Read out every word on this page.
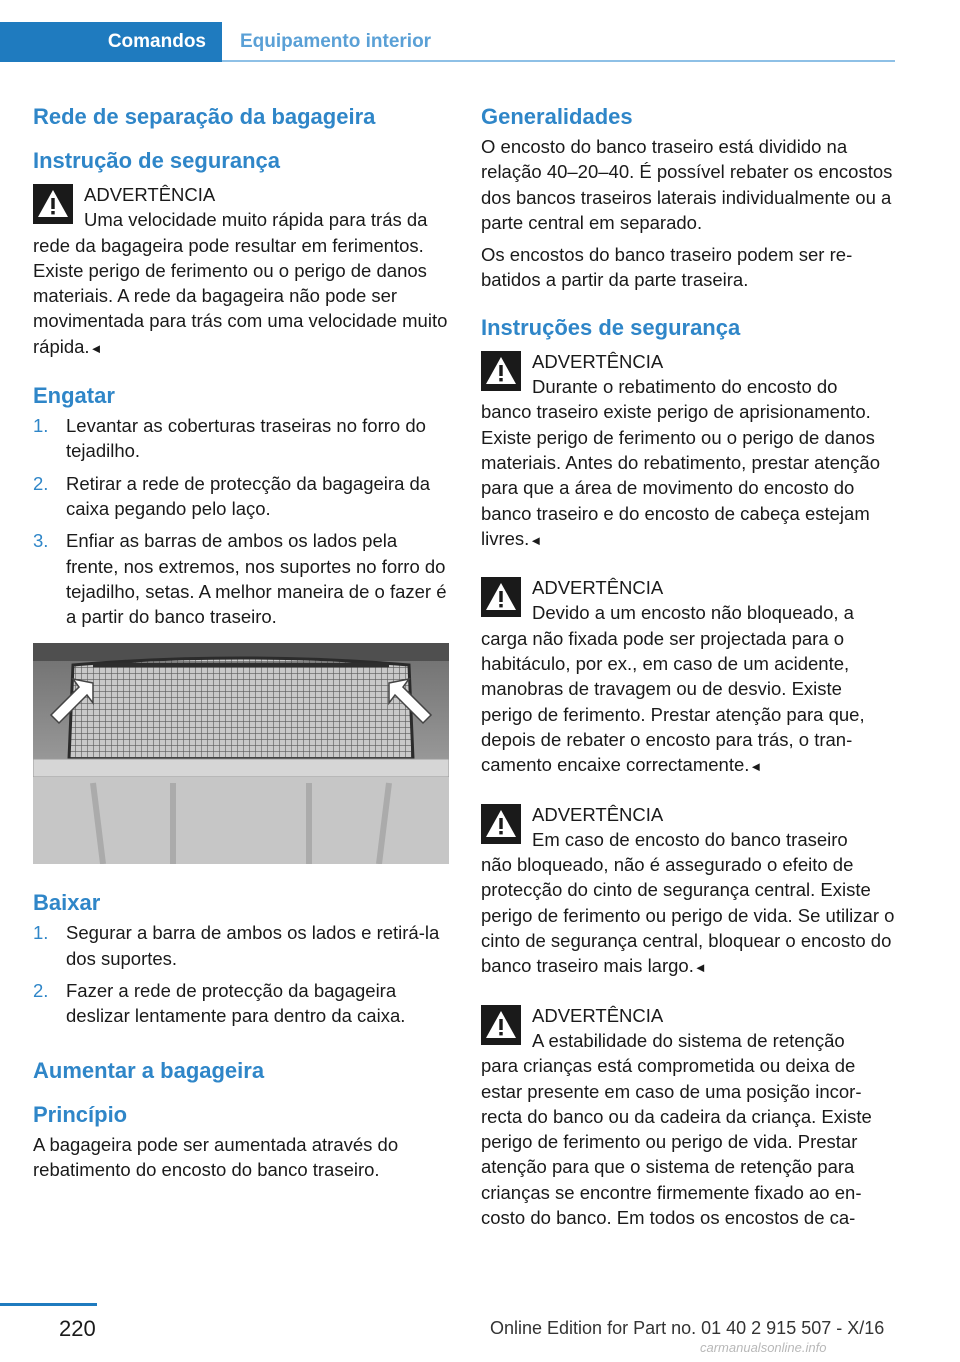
Comandos	Equipamento interior
Rede de separação da bagageira
Instrução de segurança
ADVERTÊNCIA

Uma velocidade muito rápida para trás da

rede da bagageira pode resultar em ferimentos. Existe perigo de ferimento ou o perigo de danos materiais. A rede da bagageira não pode ser movimentada para trás com uma velocidade muito rápida.◄

Engatar
1. Levantar as coberturas traseiras no forro do tejadilho.
2. Retirar a rede de protecção da bagageira da caixa pegando pelo laço.
3. Enfiar as barras de ambos os lados pela frente, nos extremos, nos suportes no forro do tejadilho, setas. A melhor maneira de o fazer é a partir do banco traseiro.
Baixar
1. Segurar a barra de ambos os lados e retirá-la dos suportes.
2. Fazer a rede de protecção da bagageira deslizar lentamente para dentro da caixa.
Aumentar a bagageira
Princípio

A bagageira pode ser aumentada através do rebatimento do encosto do banco traseiro.

Generalidades

O encosto do banco traseiro está dividido na relação 40–20–40. É possível rebater os encostos dos bancos traseiros laterais individualmente ou a parte central em separado.

Os encostos do banco traseiro podem ser rebatidos a partir da parte traseira.

Instruções de segurança
ADVERTÊNCIA

Durante o rebatimento do encosto do

banco traseiro existe perigo de aprisionamento. Existe perigo de ferimento ou o perigo de danos materiais. Antes do rebatimento, prestar atenção para que a área de movimento do encosto do banco traseiro e do encosto de cabeça estejam livres.◄

ADVERTÊNCIA

Devido a um encosto não bloqueado, a

carga não fixada pode ser projectada para o habitáculo, por ex., em caso de um acidente, manobras de travagem ou de desvio. Existe perigo de ferimento. Prestar atenção para que, depois de rebater o encosto para trás, o trancamento encaixe correctamente.◄

ADVERTÊNCIA

Em caso de encosto do banco traseiro

não bloqueado, não é assegurado o efeito de protecção do cinto de segurança central. Existe perigo de ferimento ou perigo de vida. Se utilizar o cinto de segurança central, bloquear o encosto do banco traseiro mais largo.◄

ADVERTÊNCIA

A estabilidade do sistema de retenção

para crianças está comprometida ou deixa de estar presente em caso de uma posição incorrecta do banco ou da cadeira da criança. Existe perigo de ferimento ou perigo de vida. Prestar atenção para que o sistema de retenção para crianças se encontre firmemente fixado ao encosto do banco. Em todos os encostos de ca-

220	Online Edition for Part no. 01 40 2 915 507 - X/16
carmanualsonline.info
